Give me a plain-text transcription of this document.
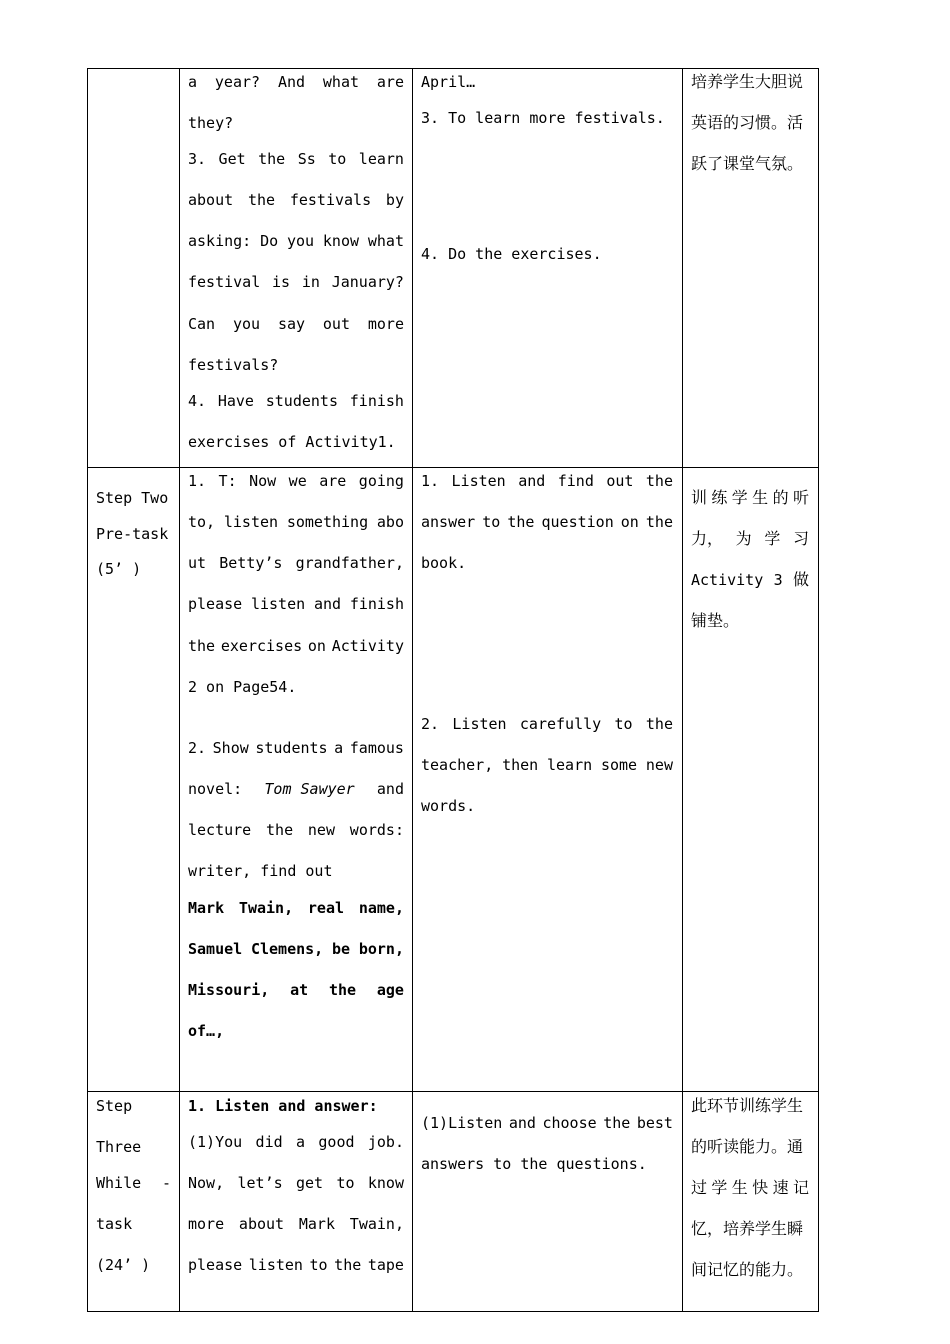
a year? And what are
they?
3. Get the Ss to learn
about the festivals by
asking: Do you know what
festival is in January?
Can you say out more
festivals?
4. Have students finish
exercises of Activity1.
April…
3. To learn more festivals.
4. Do the exercises.
培养学生大胆说
英语的习惯。活
跃了课堂气氛。
Step Two
Pre-task
(5’ )
1. T: Now we are going
to, listen something abo
ut Betty’s grandfather,
please listen and finish
the exercises on Activity
2 on Page54.
2. Show students a famous
novel: Tom Sawyer and
lecture the new words:
writer, find out
Mark Twain, real name,
Samuel Clemens, be born,
Missouri, at the age
of…,
1. Listen and find out the
answer to the question on the
book.
2. Listen carefully to the
teacher, then learn some new
words.
训 练 学 生 的 听
力， 为 学 习
Activity 3 做
铺垫。
Step
Three
While -
task
(24’ )
1. Listen and answer:
(1)You did a good job.
Now, let’s get to know
more about Mark Twain,
please listen to the tape
(1)Listen and choose the best
answers to the questions.
此环节训练学生
的听读能力。通
过 学 生 快 速 记
忆，培养学生瞬
间记忆的能力。
